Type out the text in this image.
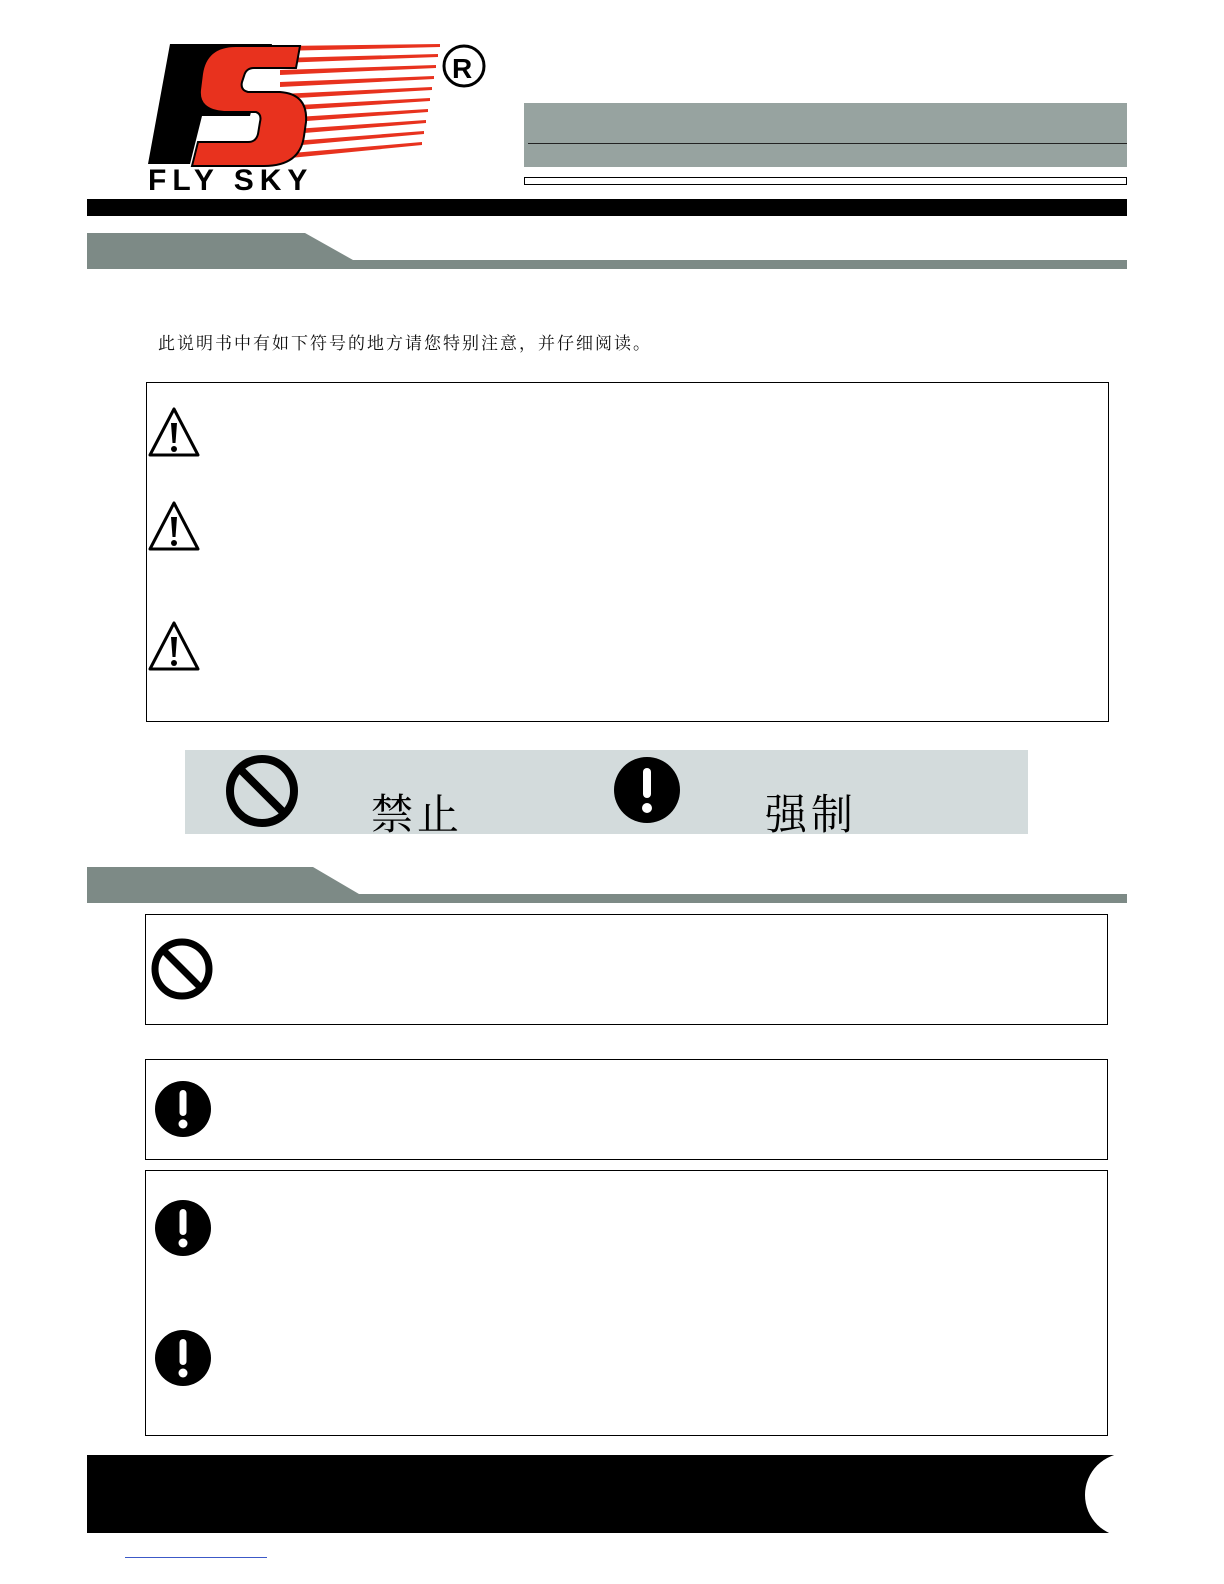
FLY SKY
R
此说明书中有如下符号的地方请您特别注意，并仔细阅读。
禁止	强制
